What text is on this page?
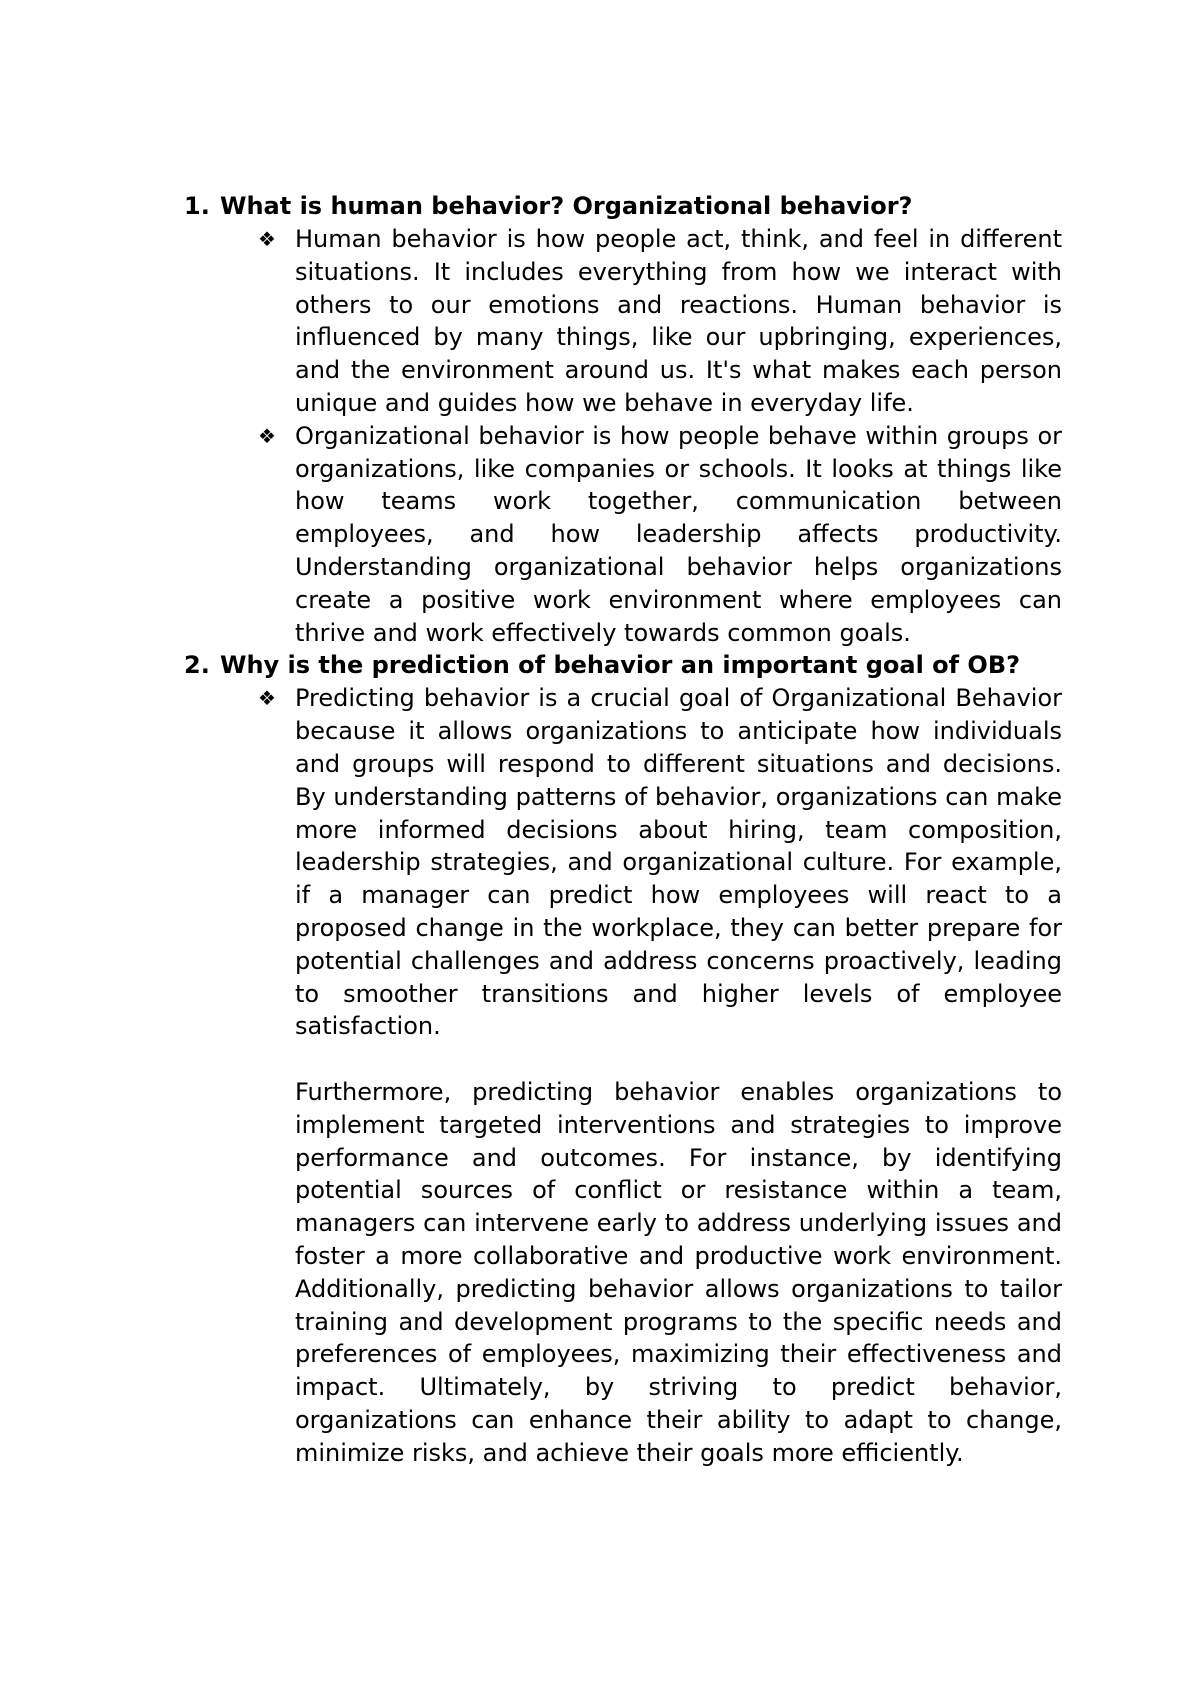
1. What is human behavior? Organizational behavior?
❖ Human behavior is how people act, think, and feel in different situations. It includes everything from how we interact with others to our emotions and reactions. Human behavior is influenced by many things, like our upbringing, experiences, and the environment around us. It's what makes each person unique and guides how we behave in everyday life.

❖ Organizational behavior is how people behave within groups or organizations, like companies or schools. It looks at things like how teams work together, communication between employees, and how leadership affects productivity. Understanding organizational behavior helps organizations create a positive work environment where employees can thrive and work effectively towards common goals.

2. Why is the prediction of behavior an important goal of OB?
❖ Predicting behavior is a crucial goal of Organizational Behavior because it allows organizations to anticipate how individuals and groups will respond to different situations and decisions. By understanding patterns of behavior, organizations can make more informed decisions about hiring, team composition, leadership strategies, and organizational culture. For example, if a manager can predict how employees will react to a proposed change in the workplace, they can better prepare for potential challenges and address concerns proactively, leading to smoother transitions and higher levels of employee satisfaction.

Furthermore, predicting behavior enables organizations to implement targeted interventions and strategies to improve performance and outcomes. For instance, by identifying potential sources of conflict or resistance within a team, managers can intervene early to address underlying issues and foster a more collaborative and productive work environment. Additionally, predicting behavior allows organizations to tailor training and development programs to the specific needs and preferences of employees, maximizing their effectiveness and impact. Ultimately, by striving to predict behavior, organizations can enhance their ability to adapt to change, minimize risks, and achieve their goals more efficiently.
